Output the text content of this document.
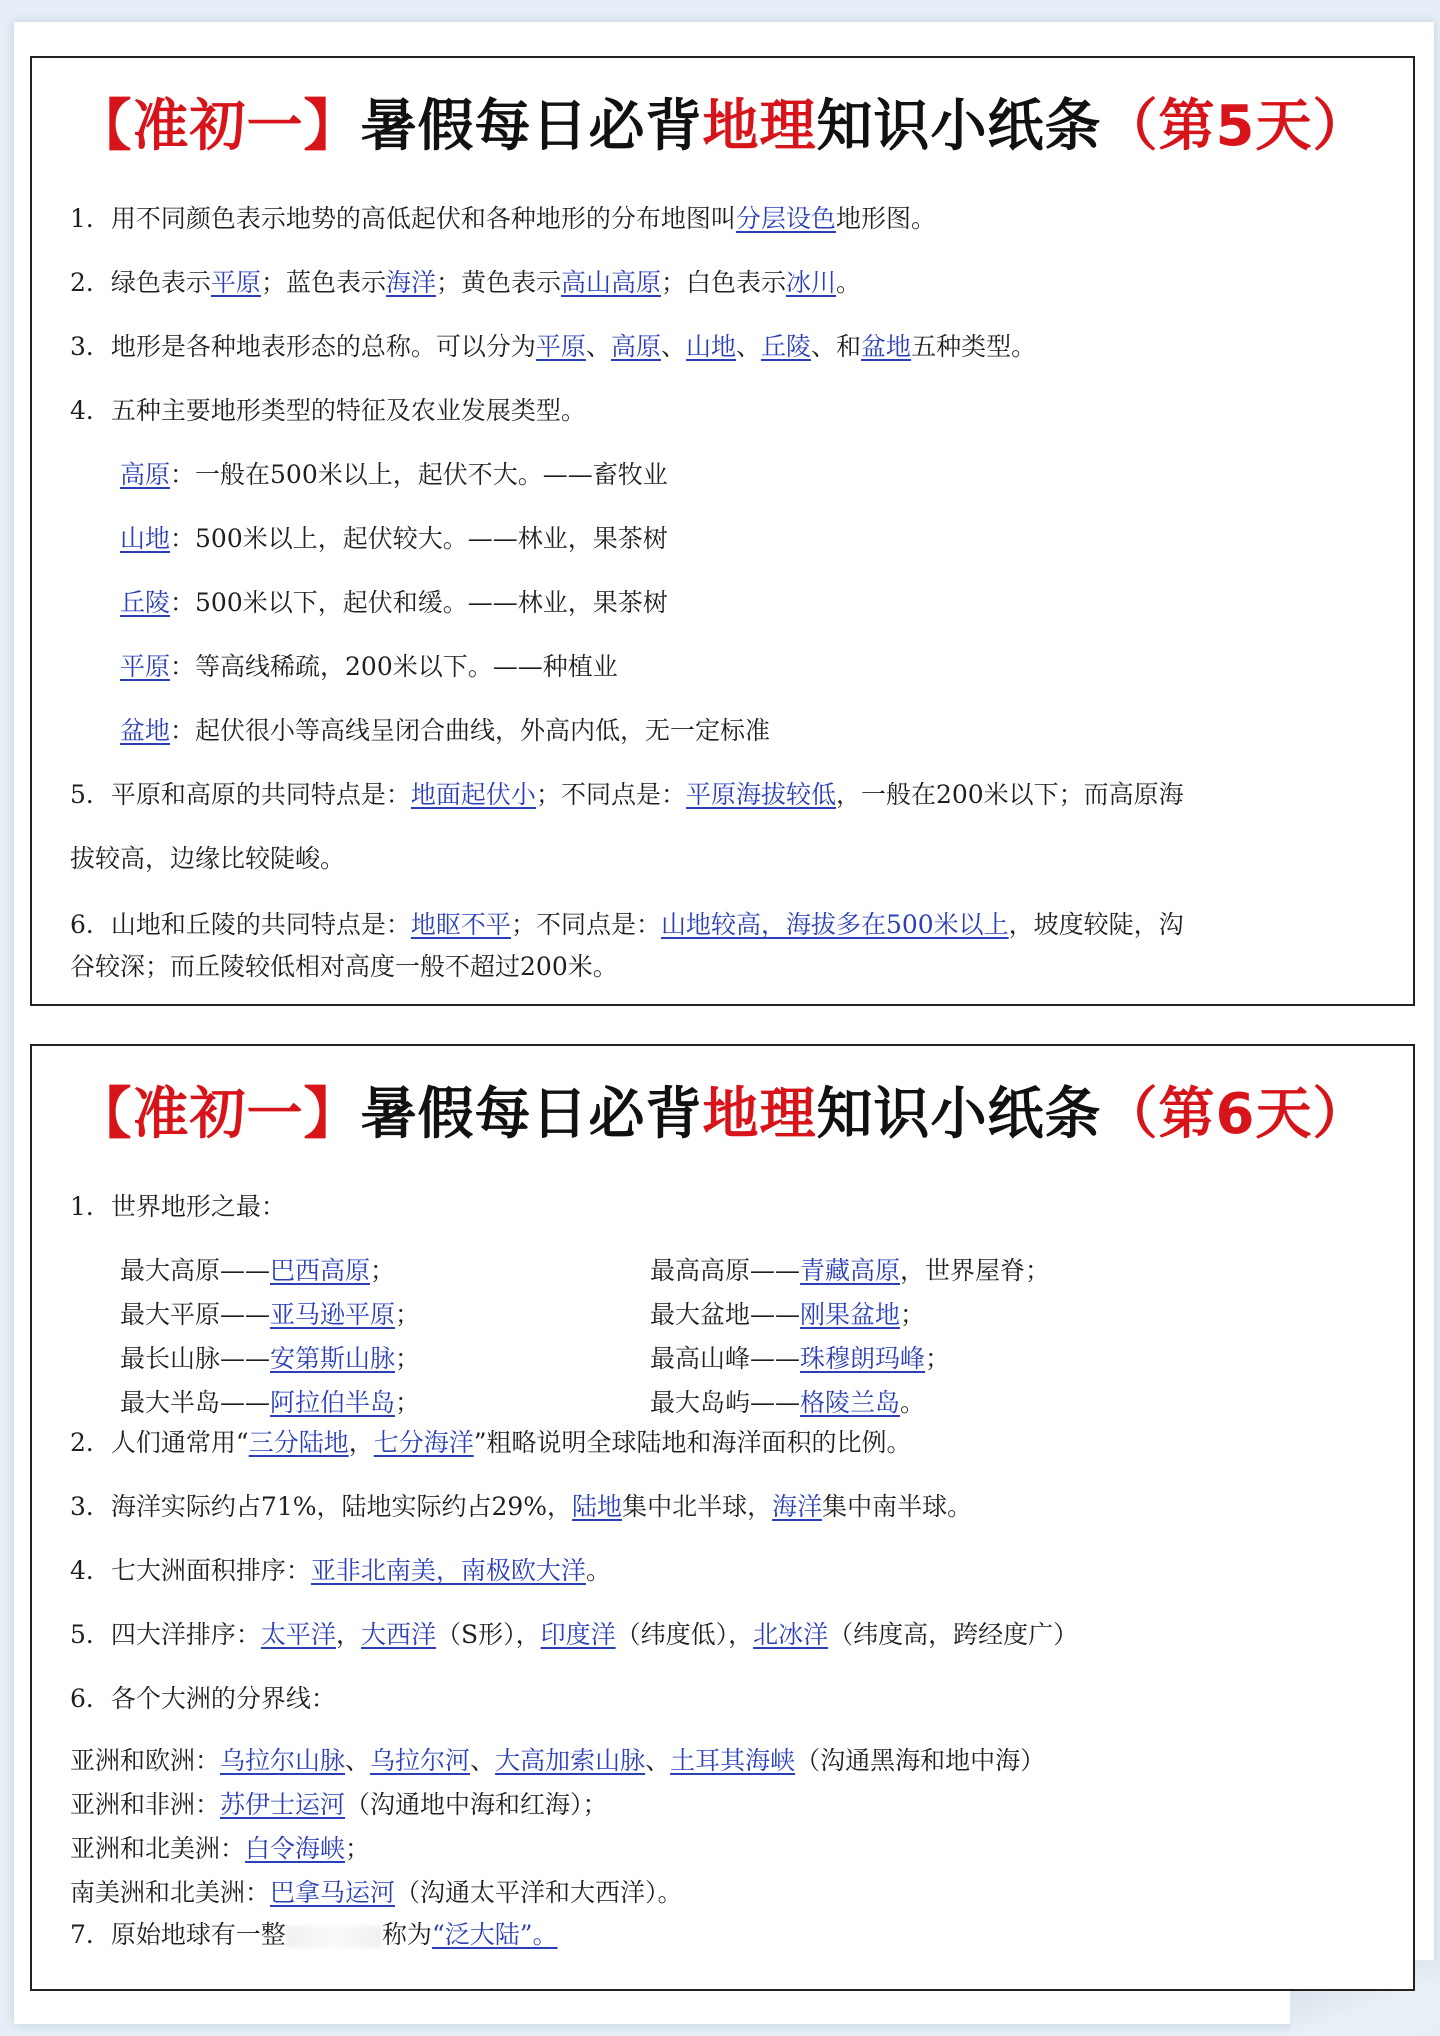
【准初一】暑假每日必背地理知识小纸条（第5天）
1．用不同颜色表示地势的高低起伏和各种地形的分布地图叫分层设色地形图。
2．绿色表示平原；蓝色表示海洋；黄色表示高山高原；白色表示冰川。
3．地形是各种地表形态的总称。可以分为平原、高原、山地、丘陵、和盆地五种类型。
4．五种主要地形类型的特征及农业发展类型。
高原：一般在500米以上，起伏不大。——畜牧业
山地：500米以上，起伏较大。——林业，果茶树
丘陵：500米以下，起伏和缓。——林业，果茶树
平原：等高线稀疏，200米以下。——种植业
盆地：起伏很小等高线呈闭合曲线，外高内低，无一定标准
5．平原和高原的共同特点是：地面起伏小；不同点是：平原海拔较低，一般在200米以下；而高原海
拔较高，边缘比较陡峻。
6．山地和丘陵的共同特点是：地眍不平；不同点是：山地较高，海拔多在500米以上，坡度较陡，沟
谷较深；而丘陵较低相对高度一般不超过200米。
【准初一】暑假每日必背地理知识小纸条（第6天）
1．世界地形之最：
最大高原——巴西高原；	最高高原——青藏高原，世界屋脊；
最大平原——亚马逊平原；	最大盆地——刚果盆地；
最长山脉——安第斯山脉；	最高山峰——珠穆朗玛峰；
最大半岛——阿拉伯半岛；	最大岛屿——格陵兰岛。
2．人们通常用“三分陆地，七分海洋”粗略说明全球陆地和海洋面积的比例。
3．海洋实际约占71%，陆地实际约占29%，陆地集中北半球，海洋集中南半球。
4．七大洲面积排序：亚非北南美，南极欧大洋。
5．四大洋排序：太平洋，大西洋（S形），印度洋（纬度低），北冰洋（纬度高，跨经度广）
6．各个大洲的分界线：
亚洲和欧洲：乌拉尔山脉、乌拉尔河、大高加索山脉、土耳其海峡（沟通黑海和地中海）
亚洲和非洲：苏伊士运河（沟通地中海和红海）；
亚洲和北美洲：白令海峡；
南美洲和北美洲：巴拿马运河（沟通太平洋和大西洋）。
7．原始地球有一整	称为“泛大陆”。
